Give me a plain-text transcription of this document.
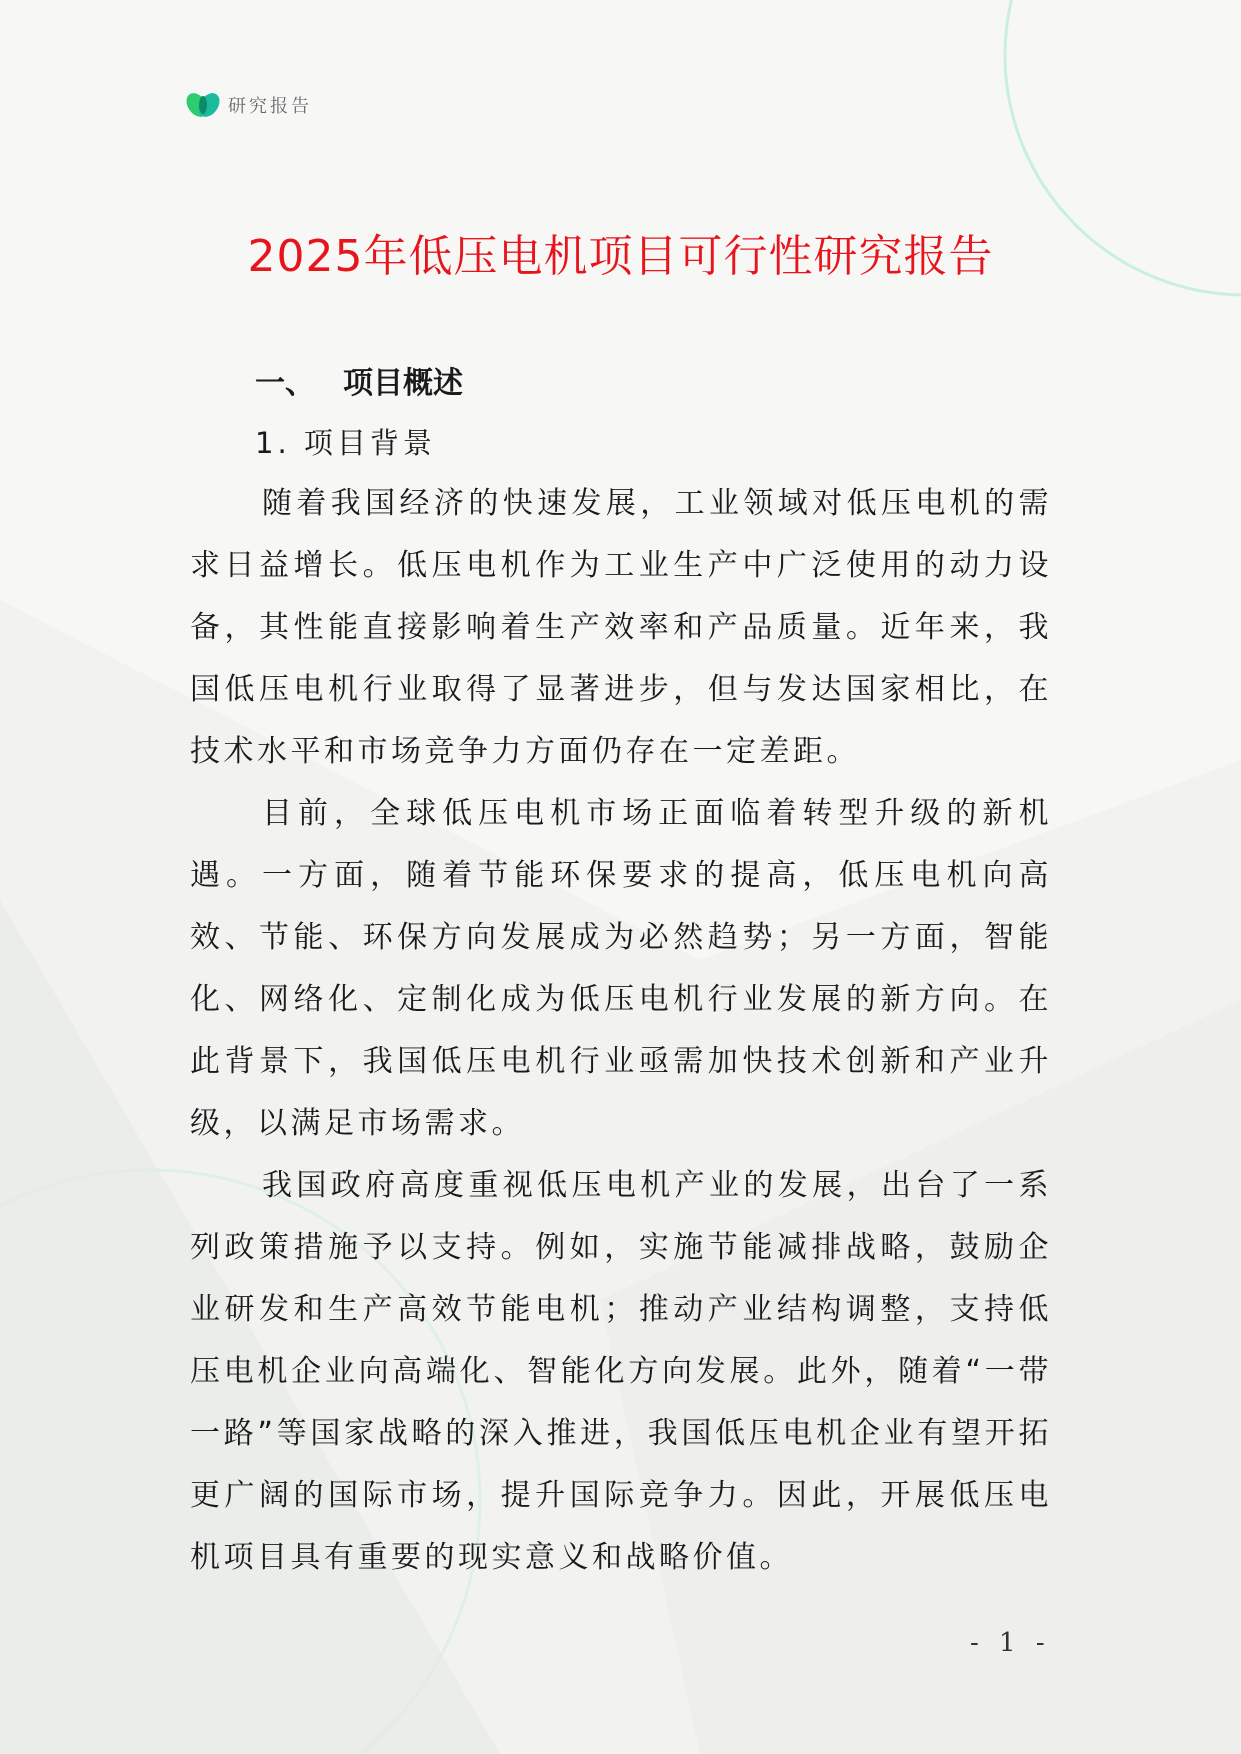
研究报告
2025年低压电机项目可行性研究报告
一、 项目概述
1. 项目背景

随着我国经济的快速发展，工业领域对低压电机的需求日益增长。低压电机作为工业生产中广泛使用的动力设备，其性能直接影响着生产效率和产品质量。近年来，我国低压电机行业取得了显著进步，但与发达国家相比，在技术水平和市场竞争力方面仍存在一定差距。

目前，全球低压电机市场正面临着转型升级的新机遇。一方面，随着节能环保要求的提高，低压电机向高效、节能、环保方向发展成为必然趋势；另一方面，智能化、网络化、定制化成为低压电机行业发展的新方向。在此背景下，我国低压电机行业亟需加快技术创新和产业升级，以满足市场需求。

我国政府高度重视低压电机产业的发展，出台了一系列政策措施予以支持。例如，实施节能减排战略，鼓励企业研发和生产高效节能电机；推动产业结构调整，支持低压电机企业向高端化、智能化方向发展。此外，随着“一带一路”等国家战略的深入推进，我国低压电机企业有望开拓更广阔的国际市场，提升国际竞争力。因此，开展低压电机项目具有重要的现实意义和战略价值。

- 1 -
